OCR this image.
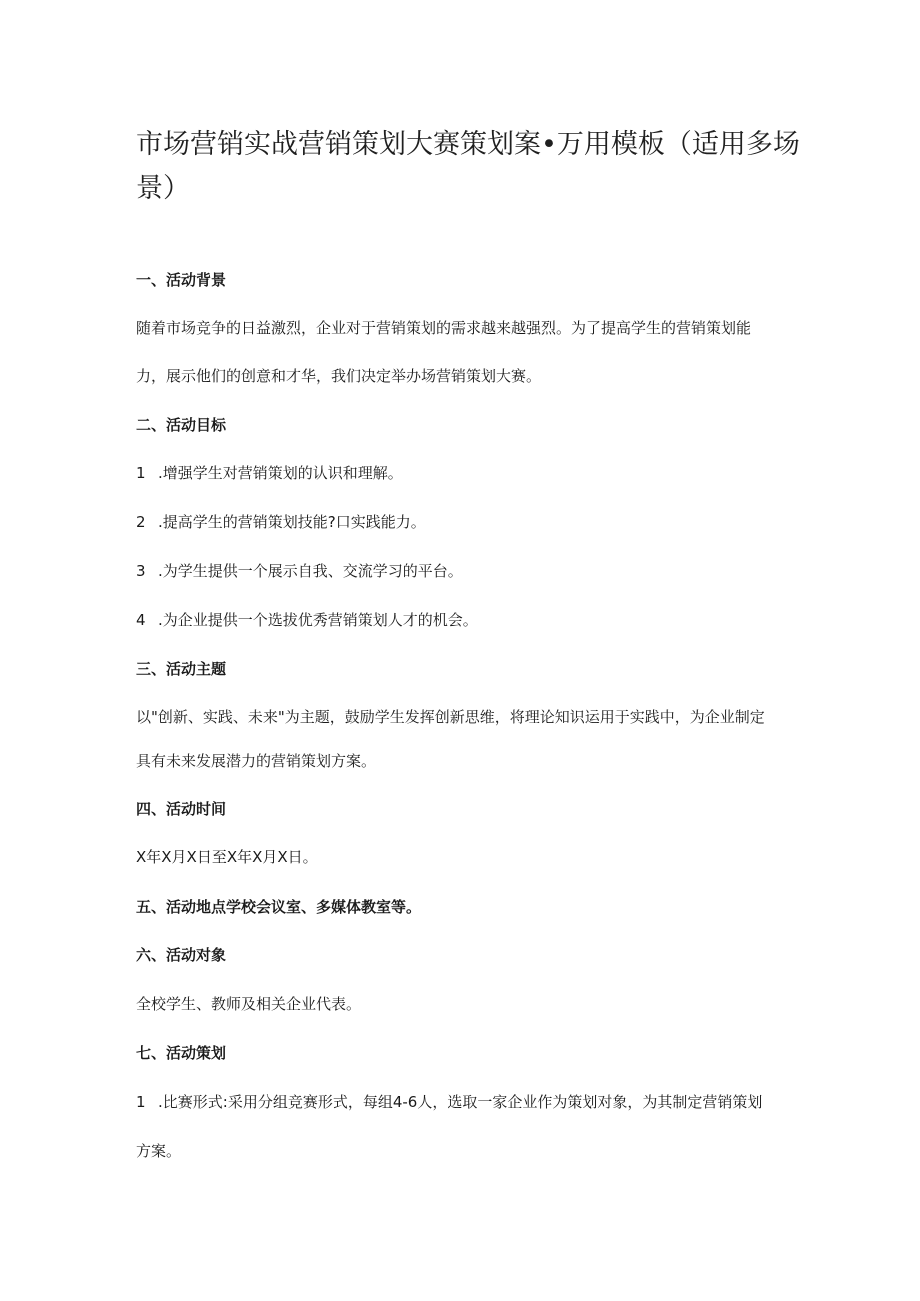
市场营销实战营销策划大赛策划案•万用模板（适用多场
景）
一、活动背景
随着市场竞争的日益激烈，企业对于营销策划的需求越来越强烈。为了提高学生的营销策划能
力，展示他们的创意和才华，我们决定举办场营销策划大赛。
二、活动目标
1 .增强学生对营销策划的认识和理解。
2 .提高学生的营销策划技能?口实践能力。
3 .为学生提供一个展示自我、交流学习的平台。
4 .为企业提供一个选拔优秀营销策划人才的机会。
三、活动主题
以"创新、实践、未来"为主题，鼓励学生发挥创新思维，将理论知识运用于实践中，为企业制定
具有未来发展潜力的营销策划方案。
四、活动时间
X年X月X日至X年X月X日。
五、活动地点学校会议室、多媒体教室等。
六、活动对象
全校学生、教师及相关企业代表。
七、活动策划
1 .比赛形式:采用分组竞赛形式，每组4-6人，选取一家企业作为策划对象，为其制定营销策划
方案。
